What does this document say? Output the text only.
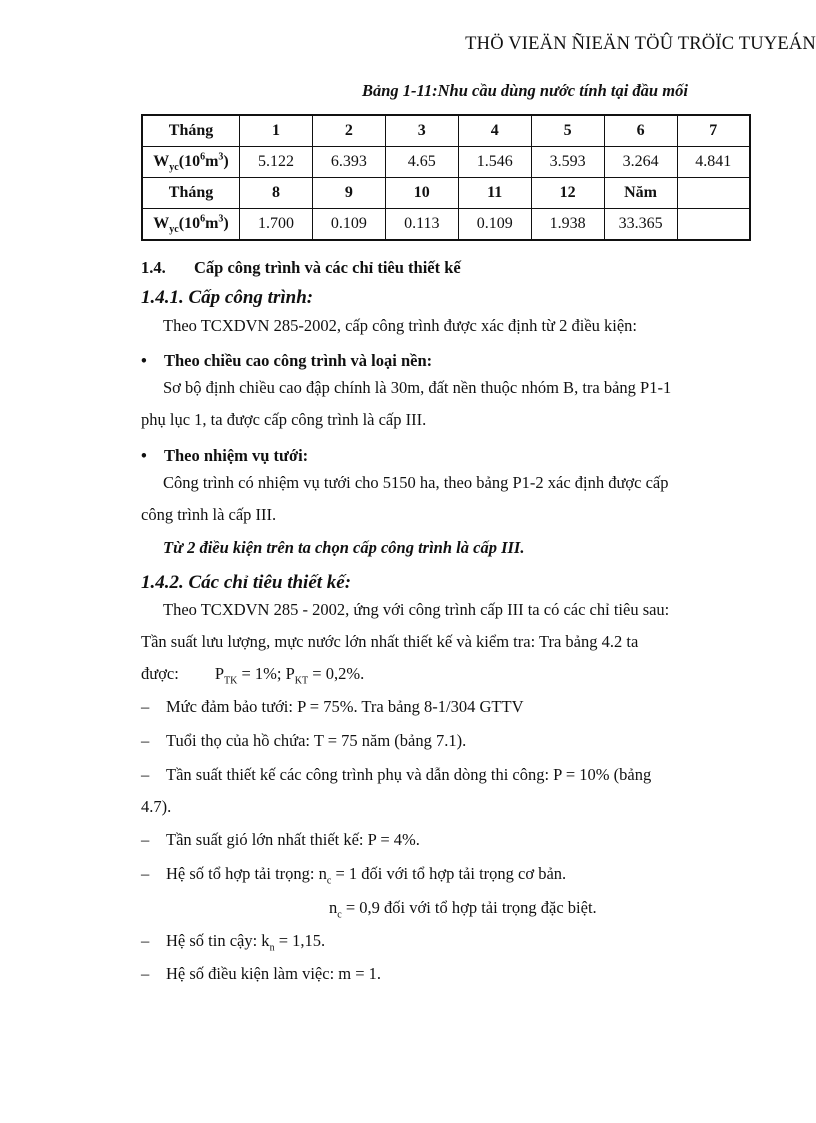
THÖ VIEÄN ÑIEÄN TÖÛ TRÖÏC TUYEÁN
Bảng 1-11:Nhu cầu dùng nước tính tại đầu mối
Tháng	1	2	3	4	5	6	7
$W_{yc}(10^6m^3)$	5.122	6.393	4.65	1.546	3.593	3.264	4.841
Tháng	8	9	10	11	12	Năm	
$W_{yc}(10^6m^3)$	1.700	0.109	0.113	0.109	1.938	33.365	
1.4. Cấp công trình và các chỉ tiêu thiết kế
1.4.1. Cấp công trình:
Theo TCXDVN 285-2002, cấp công trình được xác định từ 2 điều kiện:
• Theo chiều cao công trình và loại nền:
Sơ bộ định chiều cao đập chính là 30m, đất nền thuộc nhóm B, tra bảng P1-1
phụ lục 1, ta được cấp công trình là cấp III.
• Theo nhiệm vụ tưới:
Công trình có nhiệm vụ tưới cho 5150 ha, theo bảng P1-2 xác định được cấp
công trình là cấp III.
Từ 2 điều kiện trên ta chọn cấp công trình là cấp III.
1.4.2. Các chỉ tiêu thiết kế:
Theo TCXDVN 285 - 2002, ứng với công trình cấp III ta có các chỉ tiêu sau:
Tần suất lưu lượng, mực nước lớn nhất thiết kế và kiểm tra: Tra bảng 4.2 ta
được: $P_{TK} = 1\%$; $P_{KT} = 0,2\%$.
– Mức đảm bảo tưới: P = 75%. Tra bảng 8-1/304 GTTV
– Tuổi thọ của hồ chứa: T = 75 năm (bảng 7.1).
– Tần suất thiết kế các công trình phụ và dẫn dòng thi công: P = 10% (bảng
4.7).
– Tần suất gió lớn nhất thiết kế: P = 4%.
– Hệ số tổ hợp tải trọng: $n_c = 1$ đối với tổ hợp tải trọng cơ bản.
$n_c = 0,9$ đối với tổ hợp tải trọng đặc biệt.
– Hệ số tin cậy: $k_n = 1,15$.
– Hệ số điều kiện làm việc: m = 1.
